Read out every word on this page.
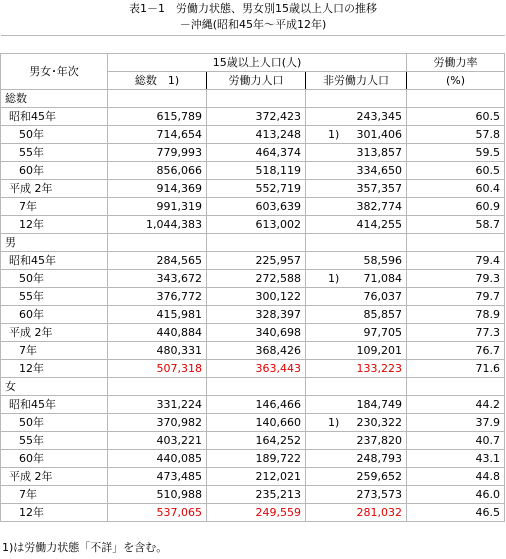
表1－1　労働力状態、男女別15歳以上人口の推移
－沖縄(昭和45年～平成12年)

男女･年次	15歳以上人口(人)			労働力率
	総数　1)	労働力人口	非労働力人口	(%)
総数				
昭和45年	615,789	372,423	243,345	60.5
50年	714,654	413,248	1) 301,406	57.8
55年	779,993	464,374	313,857	59.5
60年	856,066	518,119	334,650	60.5
平成 2年	914,369	552,719	357,357	60.4
7年	991,319	603,639	382,774	60.9
12年	1,044,383	613,002	414,255	58.7
男				
昭和45年	284,565	225,957	58,596	79.4
50年	343,672	272,588	1) 71,084	79.3
55年	376,772	300,122	76,037	79.7
60年	415,981	328,397	85,857	78.9
平成 2年	440,884	340,698	97,705	77.3
7年	480,331	368,426	109,201	76.7
12年	507,318	363,443	133,223	71.6
女				
昭和45年	331,224	146,466	184,749	44.2
50年	370,982	140,660	1) 230,322	37.9
55年	403,221	164,252	237,820	40.7
60年	440,085	189,722	248,793	43.1
平成 2年	473,485	212,021	259,652	44.8
7年	510,988	235,213	273,573	46.0
12年	537,065	249,559	281,032	46.5
1)は労働力状態「不詳」を含む。
